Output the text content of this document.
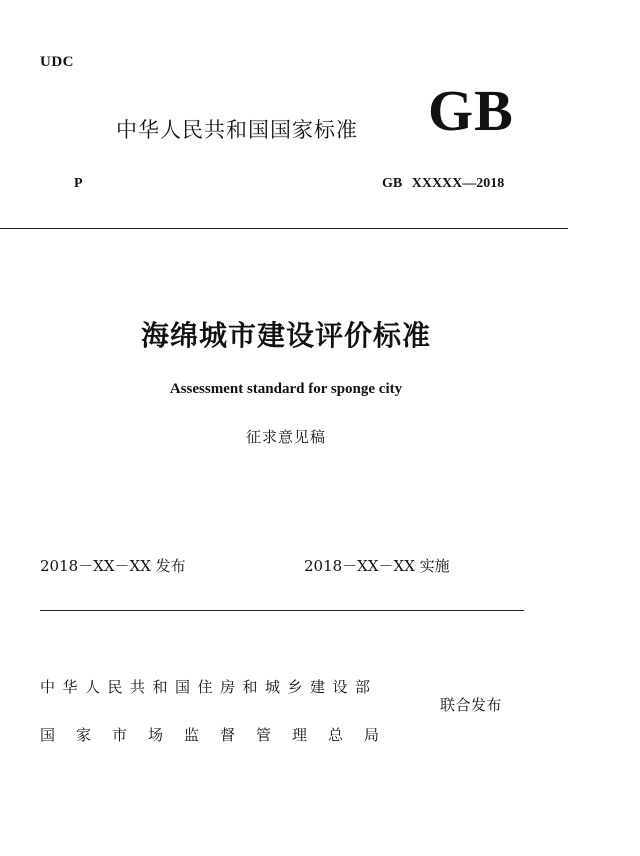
UDC
中华人民共和国国家标准 GB
P	GB XXXXX—2018
海绵城市建设评价标准
Assessment standard for sponge city
征求意见稿
2018－XX－XX 发布	2018－XX－XX 实施
中华人民共和国住房和城乡建设部
国家市场监督管理总局
联合发布
